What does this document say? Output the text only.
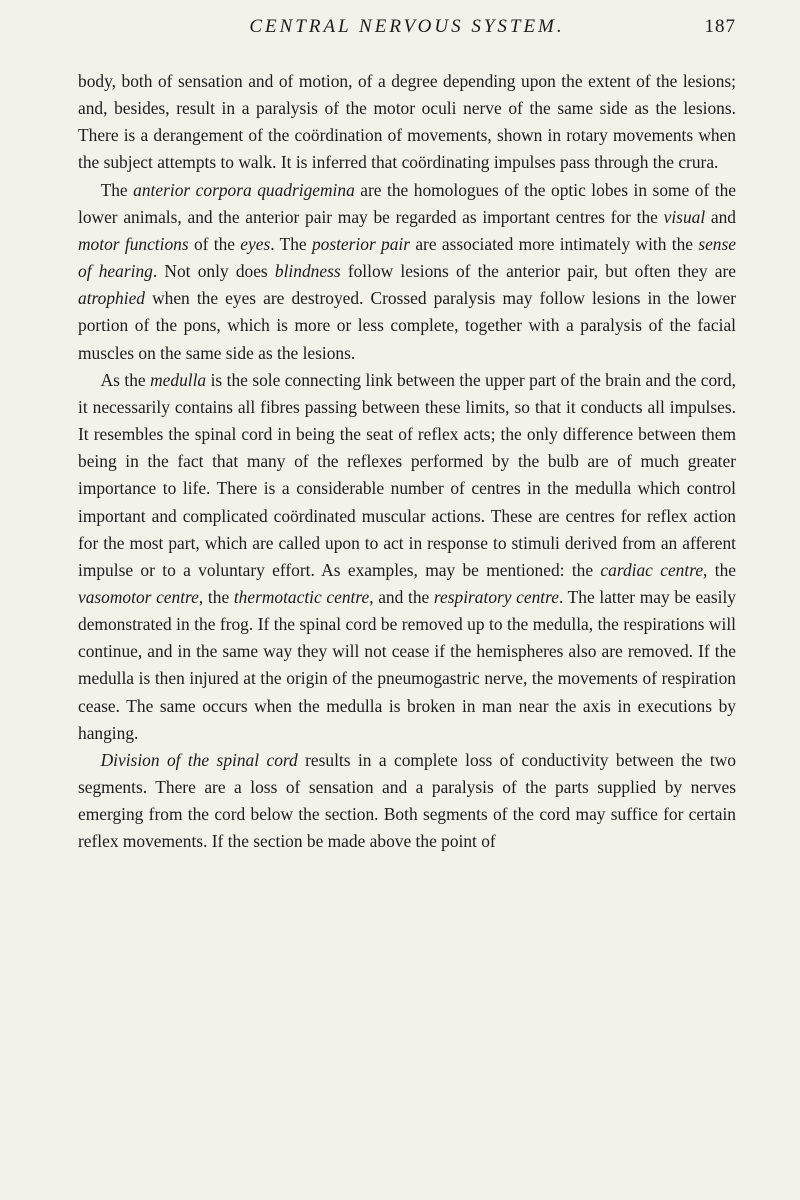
CENTRAL NERVOUS SYSTEM.	187

body, both of sensation and of motion, of a degree depending upon the extent of the lesions; and, besides, result in a paralysis of the motor oculi nerve of the same side as the lesions. There is a derangement of the coördination of movements, shown in rotary movements when the subject attempts to walk. It is inferred that coördinating impulses pass through the crura.

The anterior corpora quadrigemina are the homologues of the optic lobes in some of the lower animals, and the anterior pair may be regarded as important centres for the visual and motor functions of the eyes. The posterior pair are associated more intimately with the sense of hearing. Not only does blindness follow lesions of the anterior pair, but often they are atrophied when the eyes are destroyed. Crossed paralysis may follow lesions in the lower portion of the pons, which is more or less complete, together with a paralysis of the facial muscles on the same side as the lesions.

As the medulla is the sole connecting link between the upper part of the brain and the cord, it necessarily contains all fibres passing between these limits, so that it conducts all impulses. It resembles the spinal cord in being the seat of reflex acts; the only difference between them being in the fact that many of the reflexes performed by the bulb are of much greater importance to life. There is a considerable number of centres in the medulla which control important and complicated coördinated muscular actions. These are centres for reflex action for the most part, which are called upon to act in response to stimuli derived from an afferent impulse or to a voluntary effort. As examples, may be mentioned: the cardiac centre, the vasomotor centre, the thermotactic centre, and the respiratory centre. The latter may be easily demonstrated in the frog. If the spinal cord be removed up to the medulla, the respirations will continue, and in the same way they will not cease if the hemispheres also are removed. If the medulla is then injured at the origin of the pneumogastric nerve, the movements of respiration cease. The same occurs when the medulla is broken in man near the axis in executions by hanging.

Division of the spinal cord results in a complete loss of conductivity between the two segments. There are a loss of sensation and a paralysis of the parts supplied by nerves emerging from the cord below the section. Both segments of the cord may suffice for certain reflex movements. If the section be made above the point of
